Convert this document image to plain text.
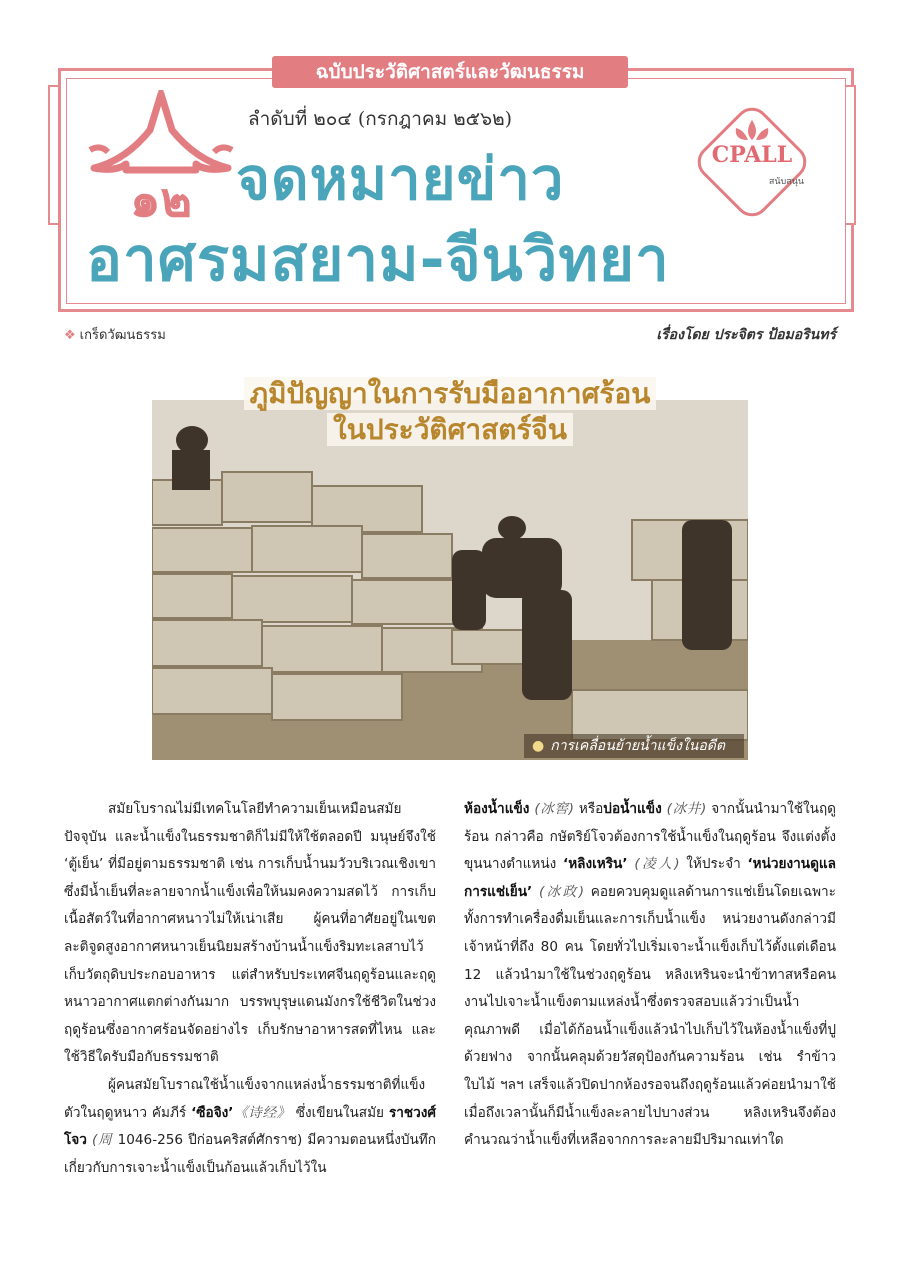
ฉบับประวัติศาสตร์และวัฒนธรรม
ลำดับที่ ๒๐๔ (กรกฎาคม ๒๕๖๒)
๑๒ จดหมายข่าว
อาศรมสยาม-จีนวิทยา
CPALL
สนับสนุน
❖ เกร็ดวัฒนธรรม	เรื่องโดย ประจิตร ป้อมอรินทร์
ภูมิปัญญาในการรับมืออากาศร้อน
ในประวัติศาสตร์จีน
● การเคลื่อนย้ายน้ำแข็งในอดีต

สมัยโบราณไม่มีเทคโนโลยีทำความเย็นเหมือนสมัยปัจจุบัน และน้ำแข็งในธรรมชาติก็ไม่มีให้ใช้ตลอดปี มนุษย์จึงใช้ ‘ตู้เย็น’ ที่มีอยู่ตามธรรมชาติ เช่น การเก็บน้ำนมวัวบริเวณเชิงเขาซึ่งมีน้ำเย็นที่ละลายจากน้ำแข็งเพื่อให้นมคงความสดไว้ การเก็บเนื้อสัตว์ในที่อากาศหนาวไม่ให้เน่าเสีย ผู้คนที่อาศัยอยู่ในเขตละติจูดสูงอากาศหนาวเย็นนิยมสร้างบ้านน้ำแข็งริมทะเลสาบไว้เก็บวัตถุดิบประกอบอาหาร แต่สำหรับประเทศจีนฤดูร้อนและฤดูหนาวอากาศแตกต่างกันมาก บรรพบุรุษแดนมังกรใช้ชีวิตในช่วงฤดูร้อนซึ่งอากาศร้อนจัดอย่างไร เก็บรักษาอาหารสดที่ไหน และใช้วิธีใดรับมือกับธรรมชาติ

ผู้คนสมัยโบราณใช้น้ำแข็งจากแหล่งน้ำธรรมชาติที่แข็งตัวในฤดูหนาว คัมภีร์ ‘ซือจิง’《诗经》 ซึ่งเขียนในสมัย ราชวงศ์โจว (周 1046-256 ปีก่อนคริสต์ศักราช) มีความตอนหนึ่งบันทึกเกี่ยวกับการเจาะน้ำแข็งเป็นก้อนแล้วเก็บไว้ใน

ห้องน้ำแข็ง (冰窖) หรือบ่อน้ำแข็ง (冰井) จากนั้นนำมาใช้ในฤดูร้อน กล่าวคือ กษัตริย์โจวต้องการใช้น้ำแข็งในฤดูร้อน จึงแต่งตั้งขุนนางตำแหน่ง ‘หลิงเหริน’ (凌人) ให้ประจำ ‘หน่วยงานดูแลการแช่เย็น’ (冰政) คอยควบคุมดูแลด้านการแช่เย็นโดยเฉพาะ ทั้งการทำเครื่องดื่มเย็นและการเก็บน้ำแข็ง หน่วยงานดังกล่าวมีเจ้าหน้าที่ถึง 80 คน โดยทั่วไปเริ่มเจาะน้ำแข็งเก็บไว้ตั้งแต่เดือน 12 แล้วนำมาใช้ในช่วงฤดูร้อน หลิงเหรินจะนำข้าทาสหรือคนงานไปเจาะน้ำแข็งตามแหล่งน้ำซึ่งตรวจสอบแล้วว่าเป็นน้ำคุณภาพดี เมื่อได้ก้อนน้ำแข็งแล้วนำไปเก็บไว้ในห้องน้ำแข็งที่ปูด้วยฟาง จากนั้นคลุมด้วยวัสดุป้องกันความร้อน เช่น รำข้าว ใบไม้ ฯลฯ เสร็จแล้วปิดปากห้องรอจนถึงฤดูร้อนแล้วค่อยนำมาใช้ เมื่อถึงเวลานั้นก็มีน้ำแข็งละลายไปบางส่วน หลิงเหรินจึงต้องคำนวณว่าน้ำแข็งที่เหลือจากการละลายมีปริมาณเท่าใด
